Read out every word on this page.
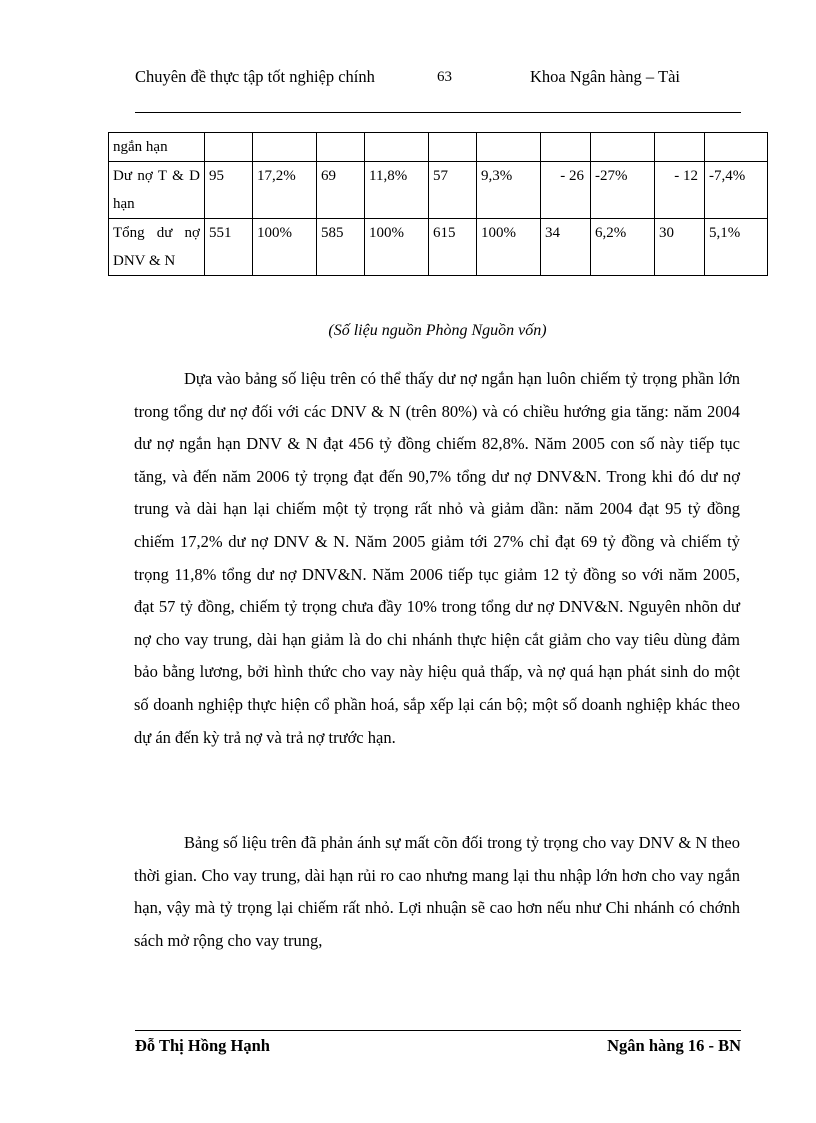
Chuyên đề thực tập tốt nghiệp chính	63	Khoa Ngân hàng – Tài
ngắn hạn										
Dư nợ T & D hạn	95	17,2%	69	11,8%	57	9,3%	- 26	-27%	- 12	-7,4%
Tổng dư nợ DNV & N	551	100%	585	100%	615	100%	34	6,2%	30	5,1%
(Số liệu nguồn Phòng Nguồn vốn)

Dựa vào bảng số liệu trên có thể thấy dư nợ ngắn hạn luôn chiếm tỷ trọng phần lớn trong tổng dư nợ đối với các DNV & N (trên 80%) và có chiều hướng gia tăng: năm 2004 dư nợ ngắn hạn DNV & N đạt 456 tỷ đồng chiếm 82,8%. Năm 2005 con số này tiếp tục tăng, và đến năm 2006 tỷ trọng đạt đến 90,7% tổng dư nợ DNV&N. Trong khi đó dư nợ trung và dài hạn lại chiếm một tỷ trọng rất nhỏ và giảm dần: năm 2004 đạt 95 tỷ đồng chiếm 17,2% dư nợ DNV & N. Năm 2005 giảm tới 27% chỉ đạt 69 tỷ đồng và chiếm tỷ trọng 11,8% tổng dư nợ DNV&N. Năm 2006 tiếp tục giảm 12 tỷ đồng so với năm 2005, đạt 57 tỷ đồng, chiếm tỷ trọng chưa đầy 10% trong tổng dư nợ DNV&N. Nguyên nhõn dư nợ cho vay trung, dài hạn giảm là do chi nhánh thực hiện cắt giảm cho vay tiêu dùng đảm bảo bằng lương, bởi hình thức cho vay này hiệu quả thấp, và nợ quá hạn phát sinh do một số doanh nghiệp thực hiện cổ phần hoá, sắp xếp lại cán bộ; một số doanh nghiệp khác theo dự án đến kỳ trả nợ và trả nợ trước hạn.

Bảng số liệu trên đã phản ánh sự mất cõn đối trong tỷ trọng cho vay DNV & N theo thời gian. Cho vay trung, dài hạn rủi ro cao nhưng mang lại thu nhập lớn hơn cho vay ngắn hạn, vậy mà tỷ trọng lại chiếm rất nhỏ. Lợi nhuận sẽ cao hơn nếu như Chi nhánh có chớnh sách mở rộng cho vay trung,

Đỗ Thị Hồng Hạnh	Ngân hàng 16 - BN
